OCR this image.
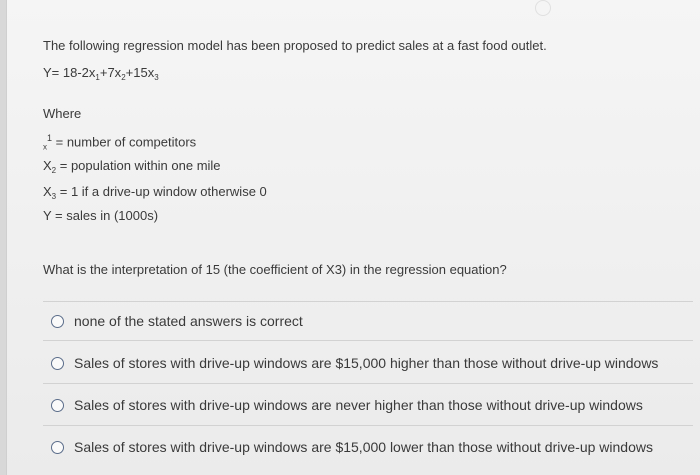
The following regression model has been proposed to predict sales at a fast food outlet.
$Y= 18-2x_1+7x_2+15x_3$
Where
$_x^1$ = number of competitors
$X_2$ = population within one mile
$X_3 = 1$ if a drive-up window otherwise 0
Y = sales in (1000s)
What is the interpretation of 15 (the coefficient of X3) in the regression equation?
none of the stated answers is correct
Sales of stores with drive-up windows are $15,000 higher than those without drive-up windows
Sales of stores with drive-up windows are never higher than those without drive-up windows
Sales of stores with drive-up windows are $15,000 lower than those without drive-up windows
